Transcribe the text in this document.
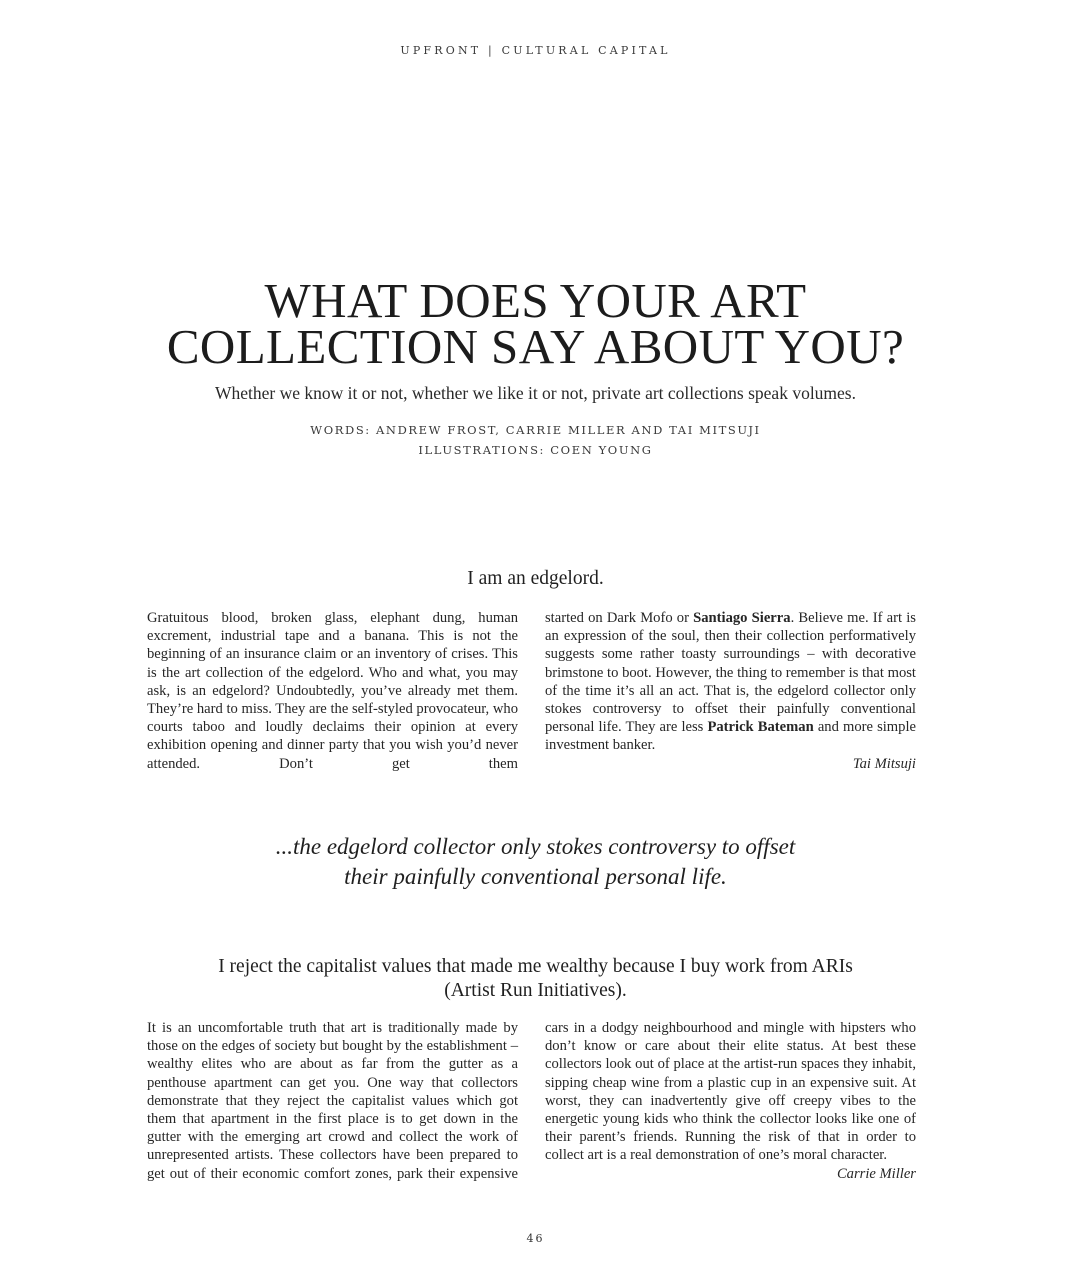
UPFRONT | CULTURAL CAPITAL
WHAT DOES YOUR ART
COLLECTION SAY ABOUT YOU?
Whether we know it or not, whether we like it or not, private art collections speak volumes.
WORDS: ANDREW FROST, CARRIE MILLER AND TAI MITSUJI
ILLUSTRATIONS: COEN YOUNG
I am an edgelord.
Gratuitous blood, broken glass, elephant dung, human excrement, industrial tape and a banana. This is not the beginning of an insurance claim or an inventory of crises. This is the art collection of the edgelord. Who and what, you may ask, is an edgelord? Undoubtedly, you’ve already met them. They’re hard to miss. They are the self-styled provocateur, who courts taboo and loudly declaims their opinion at every exhibition opening and dinner party that you wish you’d never attended. Don’t get them
started on Dark Mofo or Santiago Sierra. Believe me. If art is an expression of the soul, then their collection performatively suggests some rather toasty surroundings – with decorative brimstone to boot. However, the thing to remember is that most of the time it’s all an act. That is, the edgelord collector only stokes controversy to offset their painfully conventional personal life. They are less Patrick Bateman and more simple investment banker.
Tai Mitsuji
...the edgelord collector only stokes controversy to offset
their painfully conventional personal life.
I reject the capitalist values that made me wealthy because I buy work from ARIs
(Artist Run Initiatives).
It is an uncomfortable truth that art is traditionally made by those on the edges of society but bought by the establishment – wealthy elites who are about as far from the gutter as a penthouse apartment can get you. One way that collectors demonstrate that they reject the capitalist values which got them that apartment in the first place is to get down in the gutter with the emerging art crowd and collect the work of unrepresented artists. These collectors have been prepared to get out of their economic comfort zones, park their expensive
cars in a dodgy neighbourhood and mingle with hipsters who don’t know or care about their elite status. At best these collectors look out of place at the artist-run spaces they inhabit, sipping cheap wine from a plastic cup in an expensive suit. At worst, they can inadvertently give off creepy vibes to the energetic young kids who think the collector looks like one of their parent’s friends. Running the risk of that in order to collect art is a real demonstration of one’s moral character.
Carrie Miller
46
